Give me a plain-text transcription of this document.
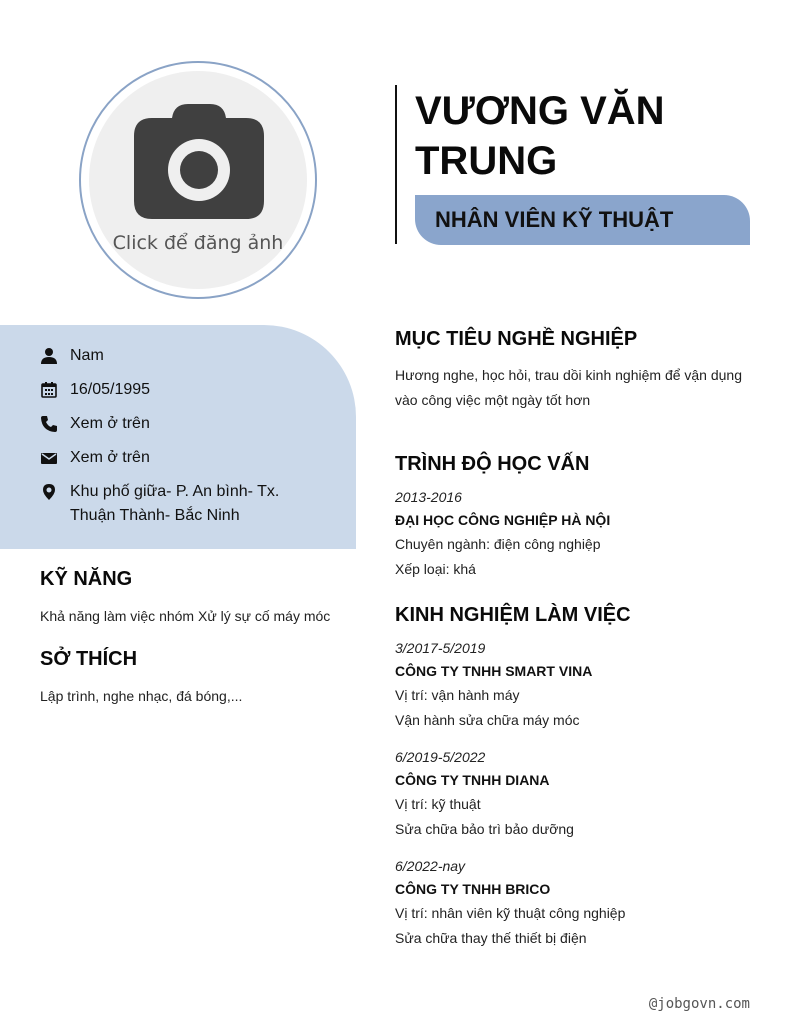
Click để đăng ảnh
VƯƠNG VĂN TRUNG
NHÂN VIÊN KỸ THUẬT
Nam
16/05/1995
Xem ở trên
Xem ở trên
Khu phố giữa- P. An bình- Tx. Thuận Thành- Bắc Ninh
KỸ NĂNG
Khả năng làm việc nhóm Xử lý sự cố máy móc
SỞ THÍCH
Lập trình, nghe nhạc, đá bóng,...
MỤC TIÊU NGHỀ NGHIỆP
Hương nghe, học hỏi, trau dồi kinh nghiệm để vận dụng vào công việc một ngày tốt hơn
TRÌNH ĐỘ HỌC VẤN
2013-2016
ĐẠI HỌC CÔNG NGHIỆP HÀ NỘI
Chuyên ngành: điện công nghiệp
Xếp loại: khá
KINH NGHIỆM LÀM VIỆC
3/2017-5/2019
CÔNG TY TNHH SMART VINA
Vị trí: vận hành máy
Vận hành sửa chữa máy móc
6/2019-5/2022
CÔNG TY TNHH DIANA
Vị trí: kỹ thuật
Sửa chữa bảo trì bảo dưỡng
6/2022-nay
CÔNG TY TNHH BRICO
Vị trí: nhân viên kỹ thuật công nghiệp
Sửa chữa thay thế thiết bị điện
@jobgovn.com
